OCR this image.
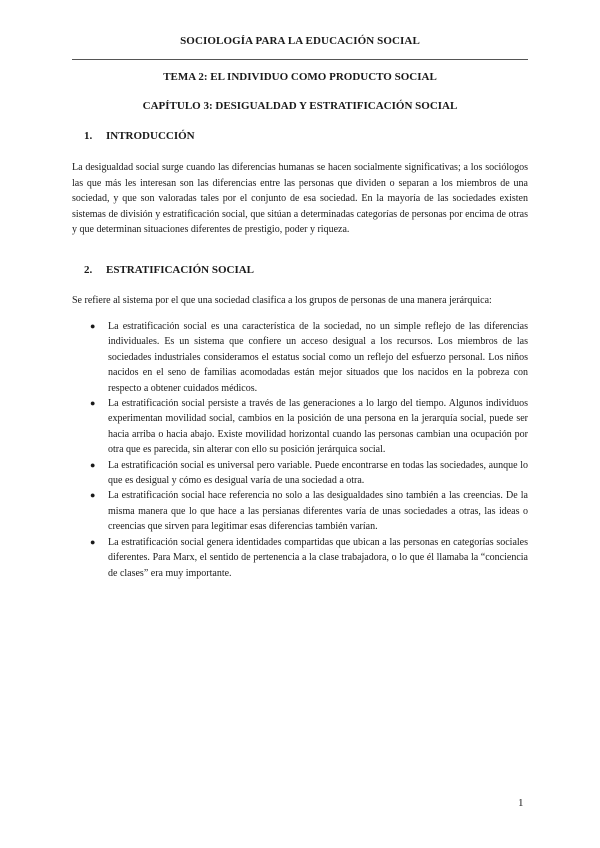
SOCIOLOGÍA PARA LA EDUCACIÓN SOCIAL
TEMA 2: EL INDIVIDUO COMO PRODUCTO SOCIAL
CAPÍTULO 3: DESIGUALDAD Y ESTRATIFICACIÓN SOCIAL
1. INTRODUCCIÓN

La desigualdad social surge cuando las diferencias humanas se hacen socialmente significativas; a los sociólogos las que más les interesan son las diferencias entre las personas que dividen o separan a los miembros de una sociedad, y que son valoradas tales por el conjunto de esa sociedad. En la mayoría de las sociedades existen sistemas de división y estratificación social, que sitúan a determinadas categorías de personas por encima de otras y que determinan situaciones diferentes de prestigio, poder y riqueza.

2. ESTRATIFICACIÓN SOCIAL

Se refiere al sistema por el que una sociedad clasifica a los grupos de personas de una manera jerárquica:

● La estratificación social es una característica de la sociedad, no un simple reflejo de las diferencias individuales. Es un sistema que confiere un acceso desigual a los recursos. Los miembros de las sociedades industriales consideramos el estatus social como un reflejo del esfuerzo personal. Los niños nacidos en el seno de familias acomodadas están mejor situados que los nacidos en la pobreza con respecto a obtener cuidados médicos.
● La estratificación social persiste a través de las generaciones a lo largo del tiempo. Algunos individuos experimentan movilidad social, cambios en la posición de una persona en la jerarquía social, puede ser hacia arriba o hacia abajo. Existe movilidad horizontal cuando las personas cambian una ocupación por otra que es parecida, sin alterar con ello su posición jerárquica social.
● La estratificación social es universal pero variable. Puede encontrarse en todas las sociedades, aunque lo que es desigual y cómo es desigual varía de una sociedad a otra.
● La estratificación social hace referencia no solo a las desigualdades sino también a las creencias. De la misma manera que lo que hace a las persianas diferentes varía de unas sociedades a otras, las ideas o creencias que sirven para legitimar esas diferencias también varían.
● La estratificación social genera identidades compartidas que ubican a las personas en categorías sociales diferentes. Para Marx, el sentido de pertenencia a la clase trabajadora, o lo que él llamaba la “conciencia de clases” era muy importante.
1
